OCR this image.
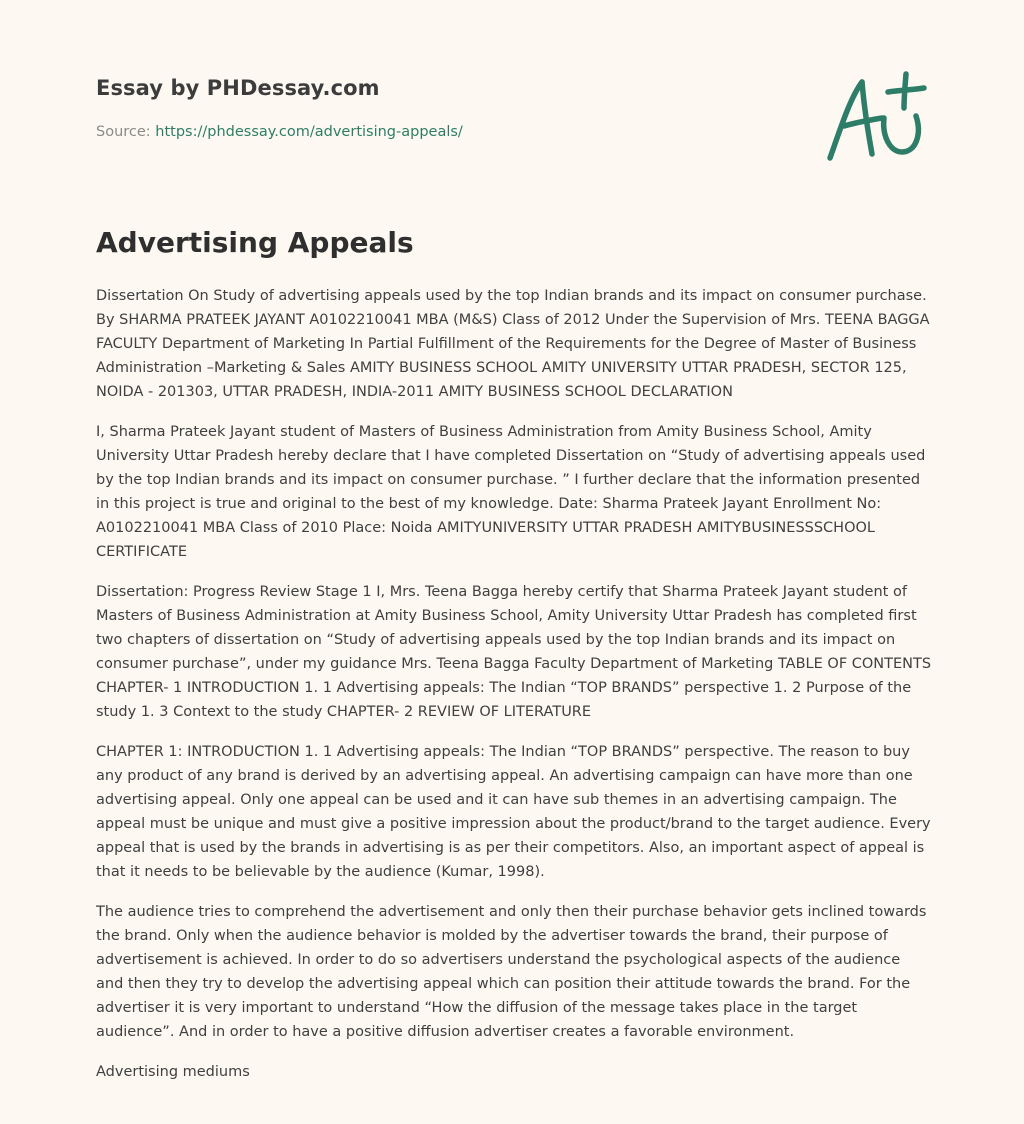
Essay by PHDessay.com
Source: https://phdessay.com/advertising-appeals/
Advertising Appeals

Dissertation On Study of advertising appeals used by the top Indian brands and its impact on consumer purchase. By SHARMA PRATEEK JAYANT A0102210041 MBA (M&S) Class of 2012 Under the Supervision of Mrs. TEENA BAGGA FACULTY Department of Marketing In Partial Fulfillment of the Requirements for the Degree of Master of Business Administration –Marketing & Sales AMITY BUSINESS SCHOOL AMITY UNIVERSITY UTTAR PRADESH, SECTOR 125, NOIDA - 201303, UTTAR PRADESH, INDIA-2011 AMITY BUSINESS SCHOOL DECLARATION

I, Sharma Prateek Jayant student of Masters of Business Administration from Amity Business School, Amity University Uttar Pradesh hereby declare that I have completed Dissertation on “Study of advertising appeals used by the top Indian brands and its impact on consumer purchase. ” I further declare that the information presented in this project is true and original to the best of my knowledge. Date: Sharma Prateek Jayant Enrollment No: A0102210041 MBA Class of 2010 Place: Noida AMITYUNIVERSITY UTTAR PRADESH AMITYBUSINESSSCHOOL CERTIFICATE

Dissertation: Progress Review Stage 1 I, Mrs. Teena Bagga hereby certify that Sharma Prateek Jayant student of Masters of Business Administration at Amity Business School, Amity University Uttar Pradesh has completed first two chapters of dissertation on “Study of advertising appeals used by the top Indian brands and its impact on consumer purchase”, under my guidance Mrs. Teena Bagga Faculty Department of Marketing TABLE OF CONTENTS CHAPTER- 1 INTRODUCTION 1. 1 Advertising appeals: The Indian “TOP BRANDS” perspective 1. 2 Purpose of the study 1. 3 Context to the study CHAPTER- 2 REVIEW OF LITERATURE

CHAPTER 1: INTRODUCTION 1. 1 Advertising appeals: The Indian “TOP BRANDS” perspective. The reason to buy any product of any brand is derived by an advertising appeal. An advertising campaign can have more than one advertising appeal. Only one appeal can be used and it can have sub themes in an advertising campaign. The appeal must be unique and must give a positive impression about the product/brand to the target audience. Every appeal that is used by the brands in advertising is as per their competitors. Also, an important aspect of appeal is that it needs to be believable by the audience (Kumar, 1998).

The audience tries to comprehend the advertisement and only then their purchase behavior gets inclined towards the brand. Only when the audience behavior is molded by the advertiser towards the brand, their purpose of advertisement is achieved. In order to do so advertisers understand the psychological aspects of the audience and then they try to develop the advertising appeal which can position their attitude towards the brand. For the advertiser it is very important to understand “How the diffusion of the message takes place in the target audience”. And in order to have a positive diffusion advertiser creates a favorable environment.

Advertising mediums
